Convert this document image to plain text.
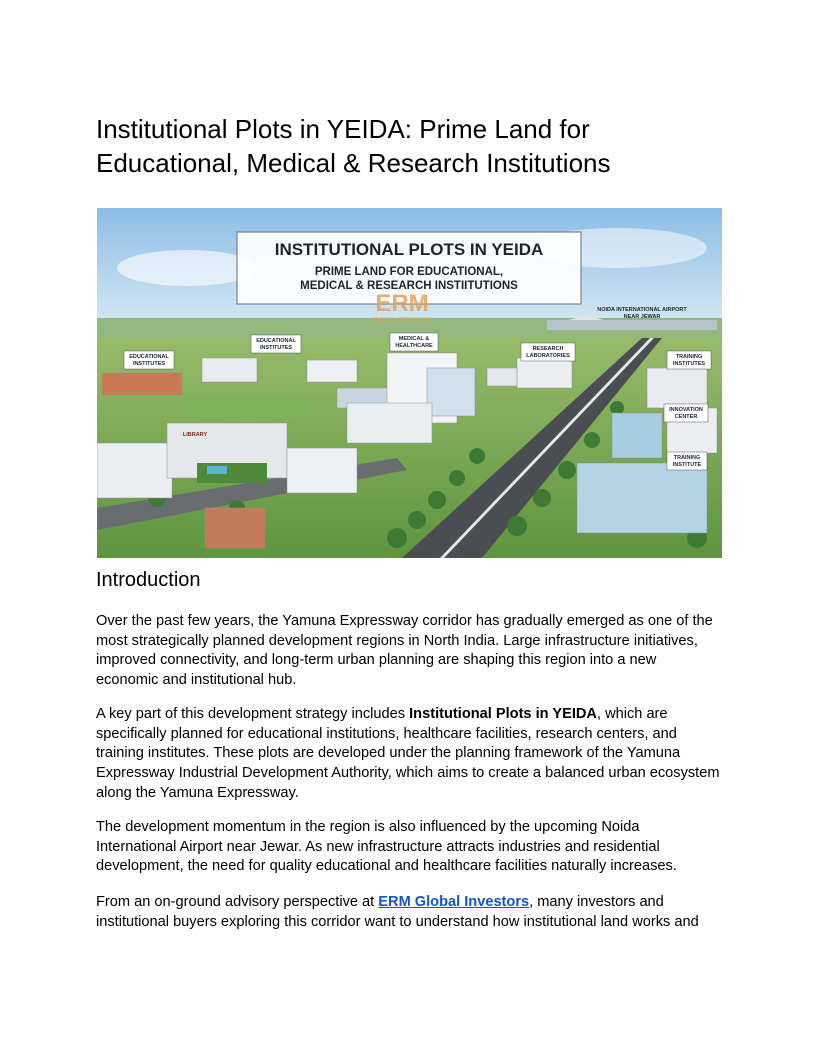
Institutional Plots in YEIDA: Prime Land for Educational, Medical & Research Institutions
INSTITUTIONAL PLOTS IN YEIDA
PRIME LAND FOR EDUCATIONAL,
MEDICAL & RESEARCH INSTIITUTIONS
ERM
GLOBAL INVESTORS
NOIDA INTERNATIONAL AIRPORT
NEAR JEWAR
EDUCATIONAL
INSTITUTES
EDUCATIONAL
INSTITUTES
MEDICAL &
HEALTHCARE	RESEARCH
LABORATORIES	TRAINING
INSTITUTES
INNOVATION
CENTER
TRAINING
INSTITUTE
LIBRARY
Introduction

Over the past few years, the Yamuna Expressway corridor has gradually emerged as one of the most strategically planned development regions in North India. Large infrastructure initiatives, improved connectivity, and long-term urban planning are shaping this region into a new economic and institutional hub.

A key part of this development strategy includes Institutional Plots in YEIDA, which are specifically planned for educational institutions, healthcare facilities, research centers, and training institutes. These plots are developed under the planning framework of the Yamuna Expressway Industrial Development Authority, which aims to create a balanced urban ecosystem along the Yamuna Expressway.

The development momentum in the region is also influenced by the upcoming Noida International Airport near Jewar. As new infrastructure attracts industries and residential development, the need for quality educational and healthcare facilities naturally increases.

From an on-ground advisory perspective at ERM Global Investors, many investors and institutional buyers exploring this corridor want to understand how institutional land works and
